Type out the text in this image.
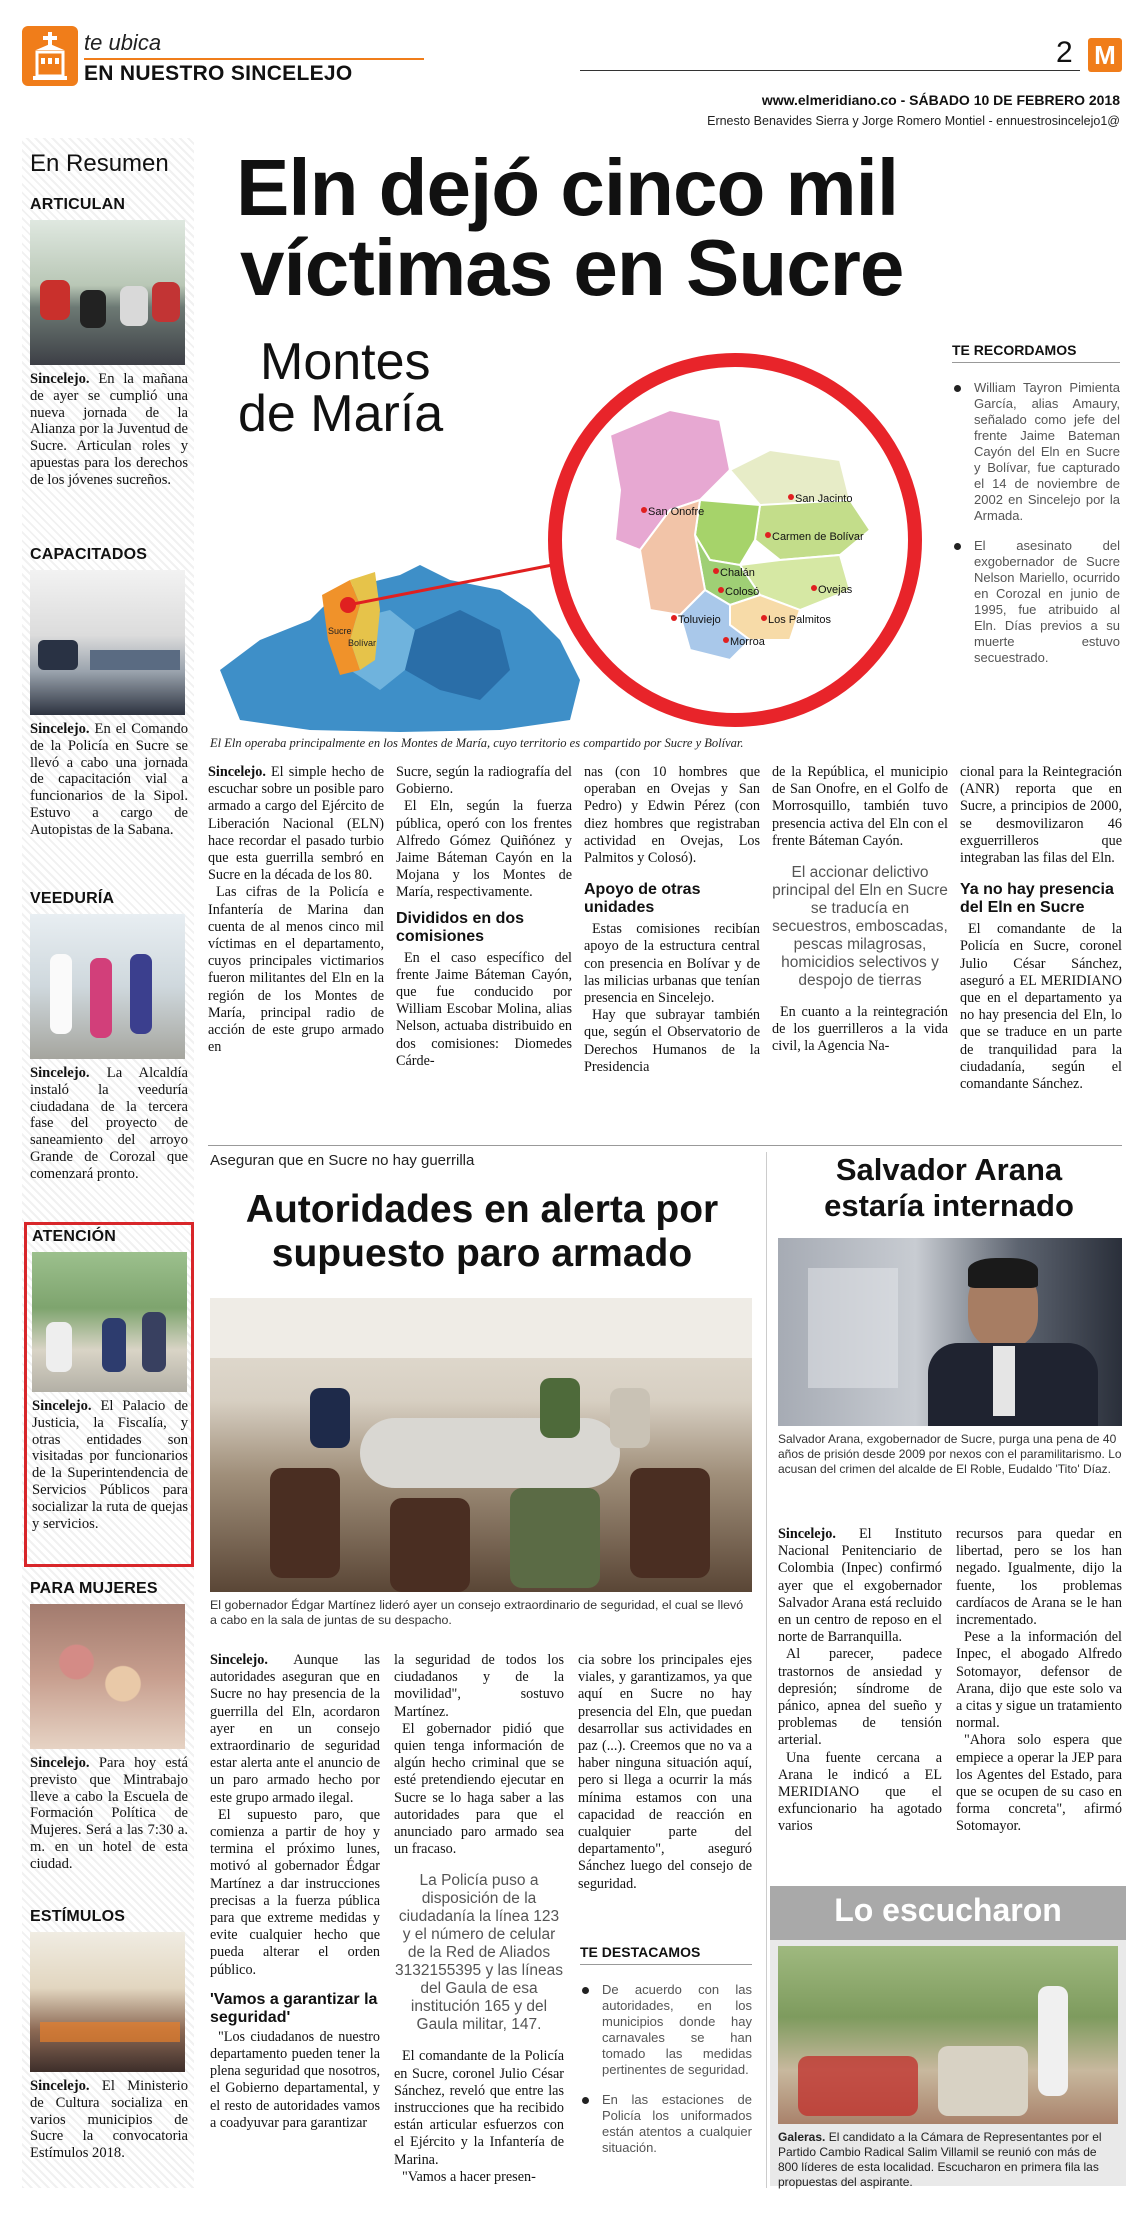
te ubica
EN NUESTRO SINCELEJO
2 M
www.elmeridiano.co - SÁBADO 10 DE FEBRERO 2018
Ernesto Benavides Sierra y Jorge Romero Montiel - ennuestrosincelejo1@
En Resumen
ARTICULAN
Sincelejo. En la mañana de ayer se cumplió una nueva jornada de la Alianza por la Juventud de Sucre. Articulan roles y apuestas para los derechos de los jóvenes sucreños.
CAPACITADOS
Sincelejo. En el Comando de la Policía en Sucre se llevó a cabo una jornada de capacitación vial a funcionarios de la Sipol. Estuvo a cargo de Autopistas de la Sabana.
VEEDURÍA
Sincelejo. La Alcaldía instaló la veeduría ciudadana de la tercera fase del proyecto de saneamiento del arroyo Grande de Corozal que comenzará pronto.
ATENCIÓN
Sincelejo. El Palacio de Justicia, la Fiscalía, y otras entidades son visitadas por funcionarios de la Superintendencia de Servicios Públicos para socializar la ruta de quejas y servicios.
PARA MUJERES
Sincelejo. Para hoy está previsto que Mintrabajo lleve a cabo la Escuela de Formación Política de Mujeres. Será a las 7:30 a. m. en un hotel de esta ciudad.
ESTÍMULOS
Sincelejo. El Ministerio de Cultura socializa en varios municipios de Sucre la convocatoria Estímulos 2018.
Eln dejó cinco mil
víctimas en Sucre
Montes
de María
Sucre
Bolívar
San Onofre
San Jacinto
Carmen de Bolívar
Chalán
Ovejas
Colosó
Toluviejo	Los Palmitos
Morroa
El Eln operaba principalmente en los Montes de María, cuyo territorio es compartido por Sucre y Bolívar.
TE RECORDAMOS
William Tayron Pimienta García, alias Amaury, señalado como jefe del frente Jaime Bateman Cayón del Eln en Sucre y Bolívar, fue capturado el 14 de noviembre de 2002 en Sincelejo por la Armada.
El asesinato del exgobernador de Sucre Nelson Mariello, ocurrido en Corozal en junio de 1995, fue atribuido al Eln. Días previos a su muerte estuvo secuestrado.

Sincelejo. El simple hecho de escuchar sobre un posible paro armado a cargo del Ejército de Liberación Nacional (ELN) hace recordar el pasado turbio que esta guerrilla sembró en Sucre en la década de los 80.

Las cifras de la Policía e Infantería de Marina dan cuenta de al menos cinco mil víctimas en el departamento, cuyos principales victimarios fueron militantes del Eln en la región de los Montes de María, principal radio de acción de este grupo armado en

Sucre, según la radiografía del Gobierno.

El Eln, según la fuerza pública, operó con los frentes Alfredo Gómez Quiñónez y Jaime Báteman Cayón en la Mojana y los Montes de María, respectivamente.

Divididos en dos comisiones

En el caso específico del frente Jaime Báteman Cayón, que fue conducido por William Escobar Molina, alias Nelson, actuaba distribuido en dos comisiones: Diomedes Cárde-

nas (con 10 hombres que operaban en Ovejas y San Pedro) y Edwin Pérez (con diez hombres que registraban actividad en Ovejas, Los Palmitos y Colosó).

Apoyo de otras unidades

Estas comisiones recibían apoyo de la estructura central con presencia en Bolívar y de las milicias urbanas que tenían presencia en Sincelejo.

Hay que subrayar también que, según el Observatorio de Derechos Humanos de la Presidencia

de la República, el municipio de San Onofre, en el Golfo de Morrosquillo, también tuvo presencia activa del Eln con el frente Báteman Cayón.

El accionar delictivo principal del Eln en Sucre se traducía en secuestros, emboscadas, pescas milagrosas, homicidios selectivos y despojo de tierras

En cuanto a la reintegración de los guerrilleros a la vida civil, la Agencia Na-

cional para la Reintegración (ANR) reporta que en Sucre, a principios de 2000, se desmovilizaron 46 exguerrilleros que integraban las filas del Eln.

Ya no hay presencia del Eln en Sucre

El comandante de la Policía en Sucre, coronel Julio César Sánchez, aseguró a EL MERIDIANO que en el departamento ya no hay presencia del Eln, lo que se traduce en un parte de tranquilidad para la ciudadanía, según el comandante Sánchez.

Aseguran que en Sucre no hay guerrilla
Autoridades en alerta por
supuesto paro armado
El gobernador Édgar Martínez lideró ayer un consejo extraordinario de seguridad, el cual se llevó a cabo en la sala de juntas de su despacho.

Sincelejo. Aunque las autoridades aseguran que en Sucre no hay presencia de la guerrilla del Eln, acordaron ayer en un consejo extraordinario de seguridad estar alerta ante el anuncio de un paro armado hecho por este grupo armado ilegal.

El supuesto paro, que comienza a partir de hoy y termina el próximo lunes, motivó al gobernador Édgar Martínez a dar instrucciones precisas a la fuerza pública para que extreme medidas y evite cualquier hecho que pueda alterar el orden público.

'Vamos a garantizar la seguridad'

"Los ciudadanos de nuestro departamento pueden tener la plena seguridad que nosotros, el Gobierno departamental, y el resto de autoridades vamos a coadyuvar para garantizar

la seguridad de todos los ciudadanos y de la movilidad", sostuvo Martínez.

El gobernador pidió que quien tenga información de algún hecho criminal que se esté pretendiendo ejecutar en Sucre se lo haga saber a las autoridades para que el anunciado paro armado sea un fracaso.

La Policía puso a disposición de la ciudadanía la línea 123 y el número de celular de la Red de Aliados 3132155395 y las líneas del Gaula de esa institución 165 y del Gaula militar, 147.

El comandante de la Policía en Sucre, coronel Julio César Sánchez, reveló que entre las instrucciones que ha recibido están articular esfuerzos con el Ejército y la Infantería de Marina.

"Vamos a hacer presen-

cia sobre los principales ejes viales, y garantizamos, ya que aquí en Sucre no hay presencia del Eln, que puedan desarrollar sus actividades en paz (...). Creemos que no va a haber ninguna situación aquí, pero si llega a ocurrir la más mínima estamos con una capacidad de reacción en cualquier parte del departamento", aseguró Sánchez luego del consejo de seguridad.

TE DESTACAMOS
De acuerdo con las autoridades, en los municipios donde hay carnavales se han tomado las medidas pertinentes de seguridad.
En las estaciones de Policía los uniformados están atentos a cualquier situación.
Salvador Arana
estaría internado
Salvador Arana, exgobernador de Sucre, purga una pena de 40 años de prisión desde 2009 por nexos con el paramilitarismo. Lo acusan del crimen del alcalde de El Roble, Eudaldo 'Tito' Díaz.

Sincelejo. El Instituto Nacional Penitenciario de Colombia (Inpec) confirmó ayer que el exgobernador Salvador Arana está recluido en un centro de reposo en el norte de Barranquilla.

Al parecer, padece trastornos de ansiedad y depresión; síndrome de pánico, apnea del sueño y problemas de tensión arterial.

Una fuente cercana a Arana le indicó a EL MERIDIANO que el exfuncionario ha agotado varios

recursos para quedar en libertad, pero se los han negado. Igualmente, dijo la fuente, los problemas cardíacos de Arana se le han incrementado.

Pese a la información del Inpec, el abogado Alfredo Sotomayor, defensor de Arana, dijo que este solo va a citas y sigue un tratamiento normal.

"Ahora solo espera que empiece a operar la JEP para los Agentes del Estado, para que se ocupen de su caso en forma concreta", afirmó Sotomayor.

Lo escucharon
Galeras. El candidato a la Cámara de Representantes por el Partido Cambio Radical Salim Villamil se reunió con más de 800 líderes de esta localidad. Escucharon en primera fila las propuestas del aspirante.
